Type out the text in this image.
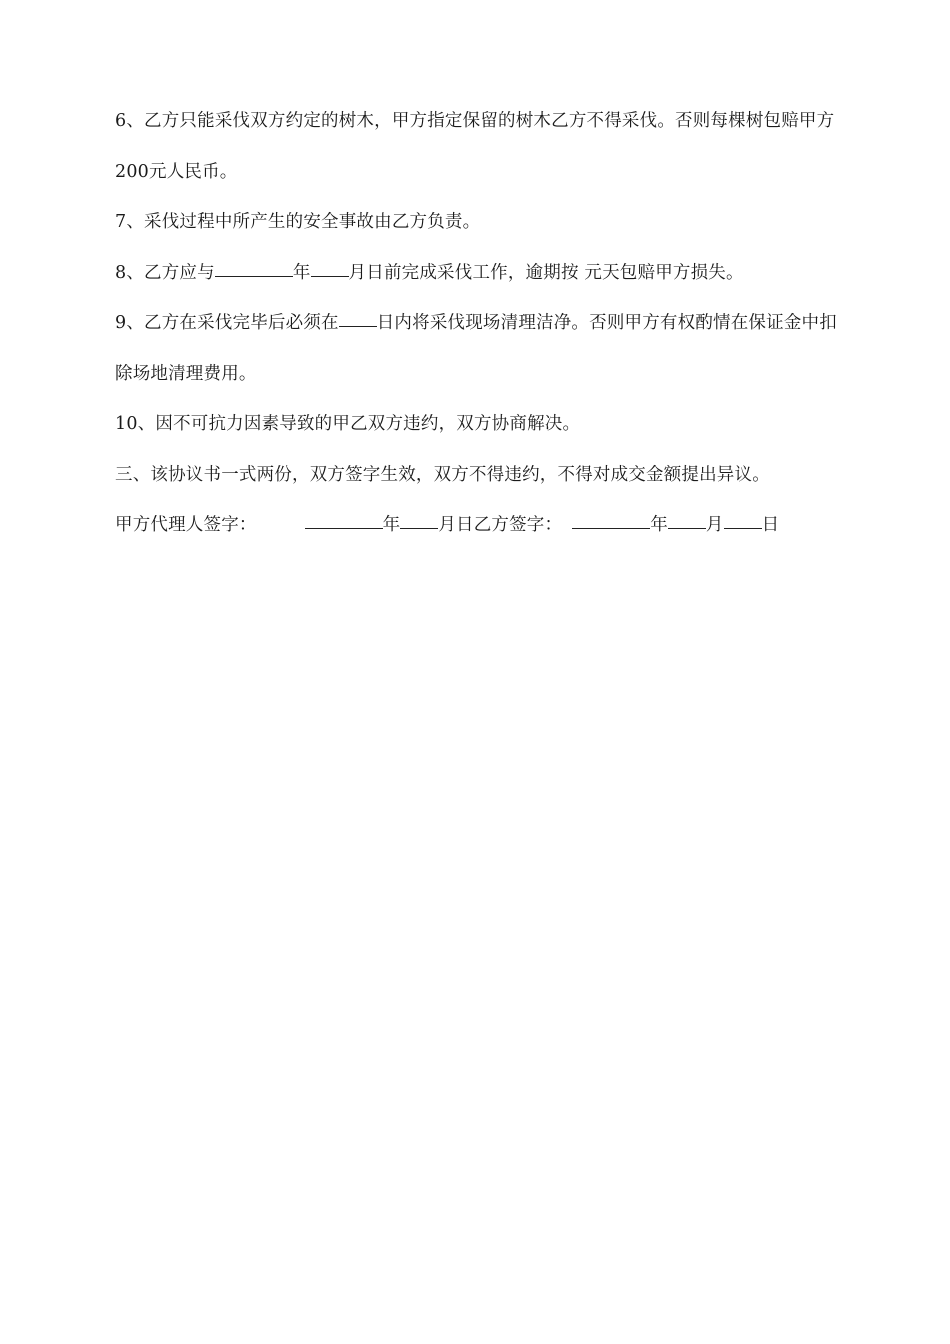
6、乙方只能采伐双方约定的树木，甲方指定保留的树木乙方不得采伐。否则每棵树包赔甲方200元人民币。

7、采伐过程中所产生的安全事故由乙方负责。

8、乙方应与	年 月日前完成采伐工作，逾期按 元天包赔甲方损失。

9、乙方在采伐完毕后必须在 日内将采伐现场清理洁净。否则甲方有权酌情在保证金中扣除场地清理费用。

10、因不可抗力因素导致的甲乙双方违约，双方协商解决。

三、该协议书一式两份，双方签字生效，双方不得违约，不得对成交金额提出异议。

甲方代理人签字：	年 月日乙方签字：	年 月 日
